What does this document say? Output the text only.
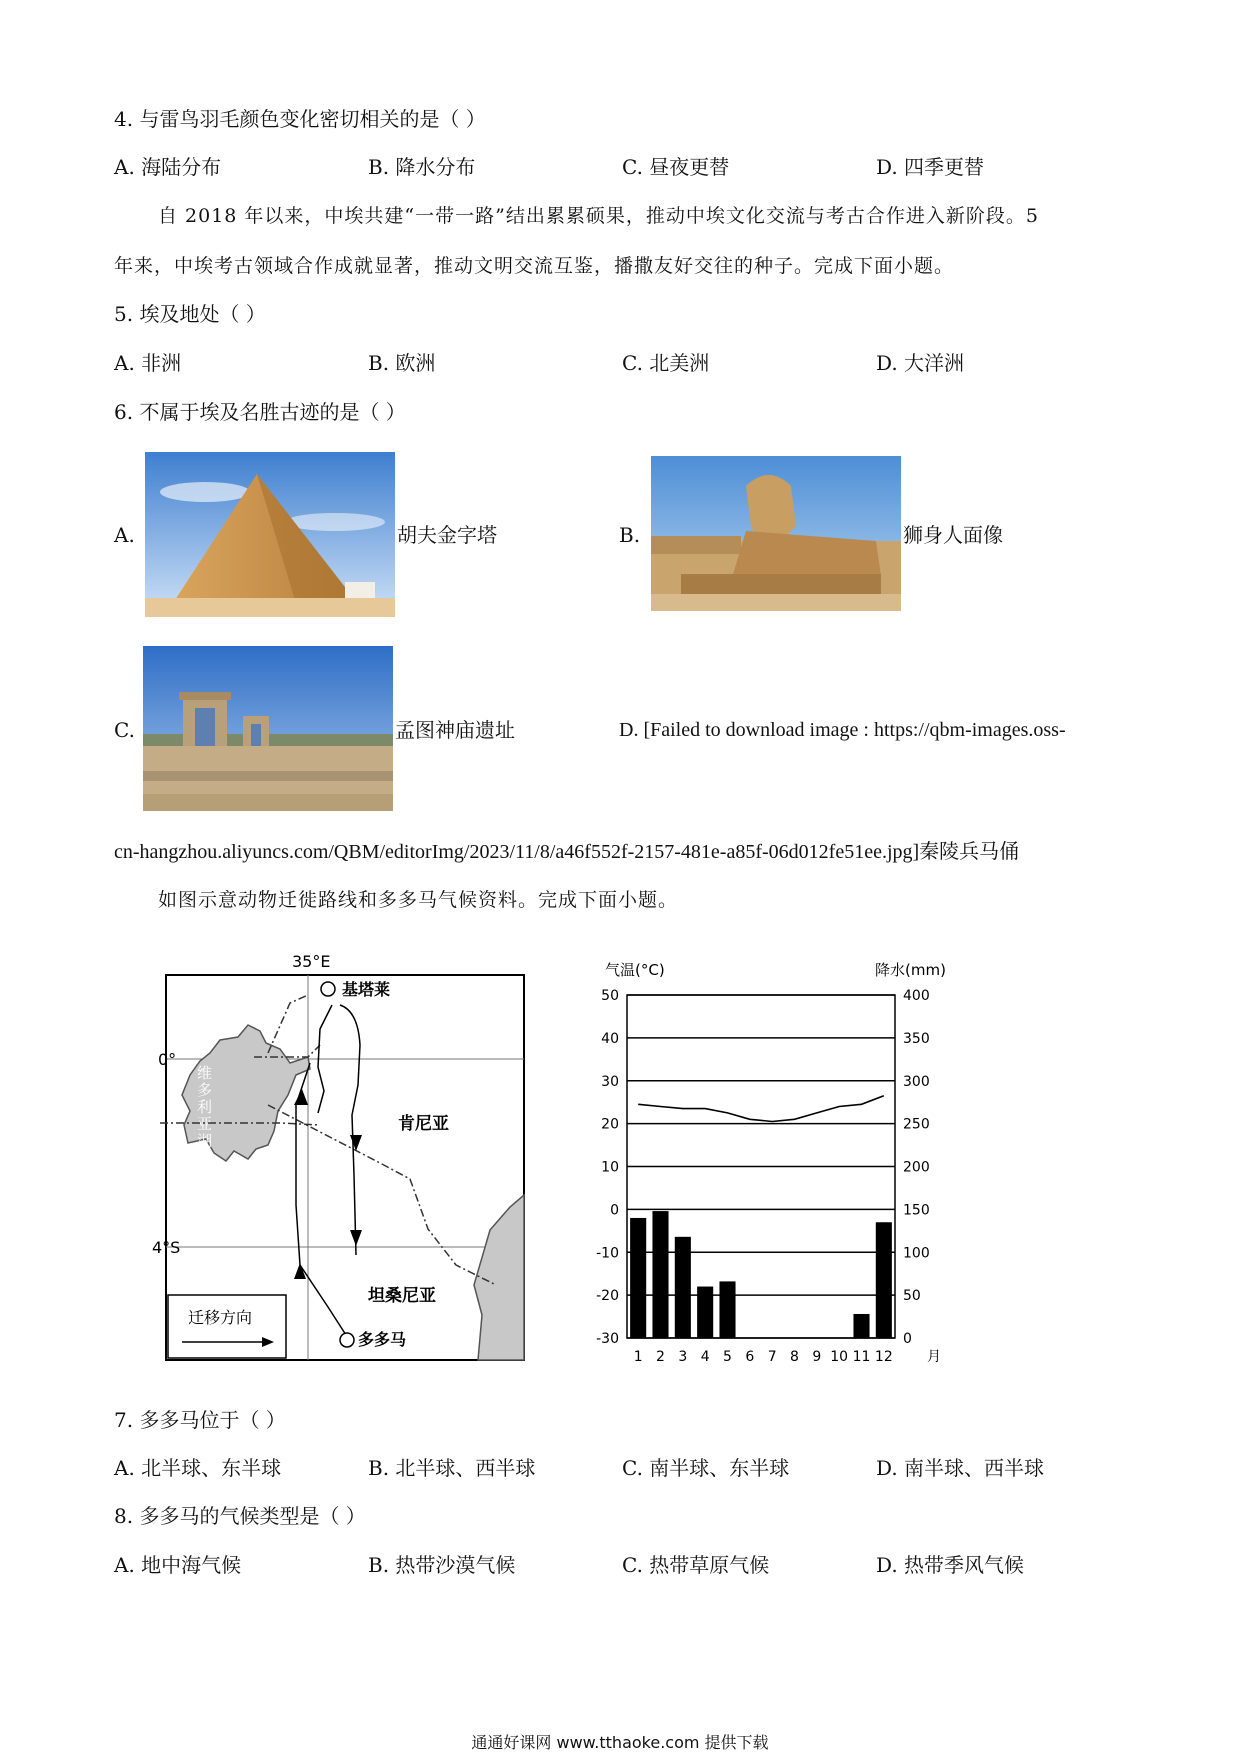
4. 与雷鸟羽毛颜色变化密切相关的是（ ）
A. 海陆分布	B. 降水分布	C. 昼夜更替	D. 四季更替
自 2018 年以来，中埃共建“一带一路”结出累累硕果，推动中埃文化交流与考古合作进入新阶段。5
年来，中埃考古领域合作成就显著，推动文明交流互鉴，播撒友好交往的种子。完成下面小题。
5. 埃及地处（ ）
A. 非洲	B. 欧洲	C. 北美洲	D. 大洋洲
6. 不属于埃及名胜古迹的是（ ）
A.	胡夫金字塔	B.	狮身人面像
C.	孟图神庙遗址	D. [Failed to download image : https://qbm-images.oss-
cn-hangzhou.aliyuncs.com/QBM/editorImg/2023/11/8/a46f552f-2157-481e-a85f-06d012fe51ee.jpg]秦陵兵马俑
如图示意动物迁徙路线和多多马气候资料。完成下面小题。
35°E
0°
4°S
维多利亚湖
基塔莱
肯尼亚
坦桑尼亚
多多马
迁移方向
气温(°C)	降水(mm)
50
40
30
20
10
0
-10
-20
-30
400
350
300
250
200
150
100
50
0
1 2 3 4 5 6 7 8 9 10 11 12 月
7. 多多马位于（ ）
A. 北半球、东半球	B. 北半球、西半球	C. 南半球、东半球	D. 南半球、西半球
8. 多多马的气候类型是（ ）
A. 地中海气候	B. 热带沙漠气候	C. 热带草原气候	D. 热带季风气候
通通好课网 www.tthaoke.com 提供下载
